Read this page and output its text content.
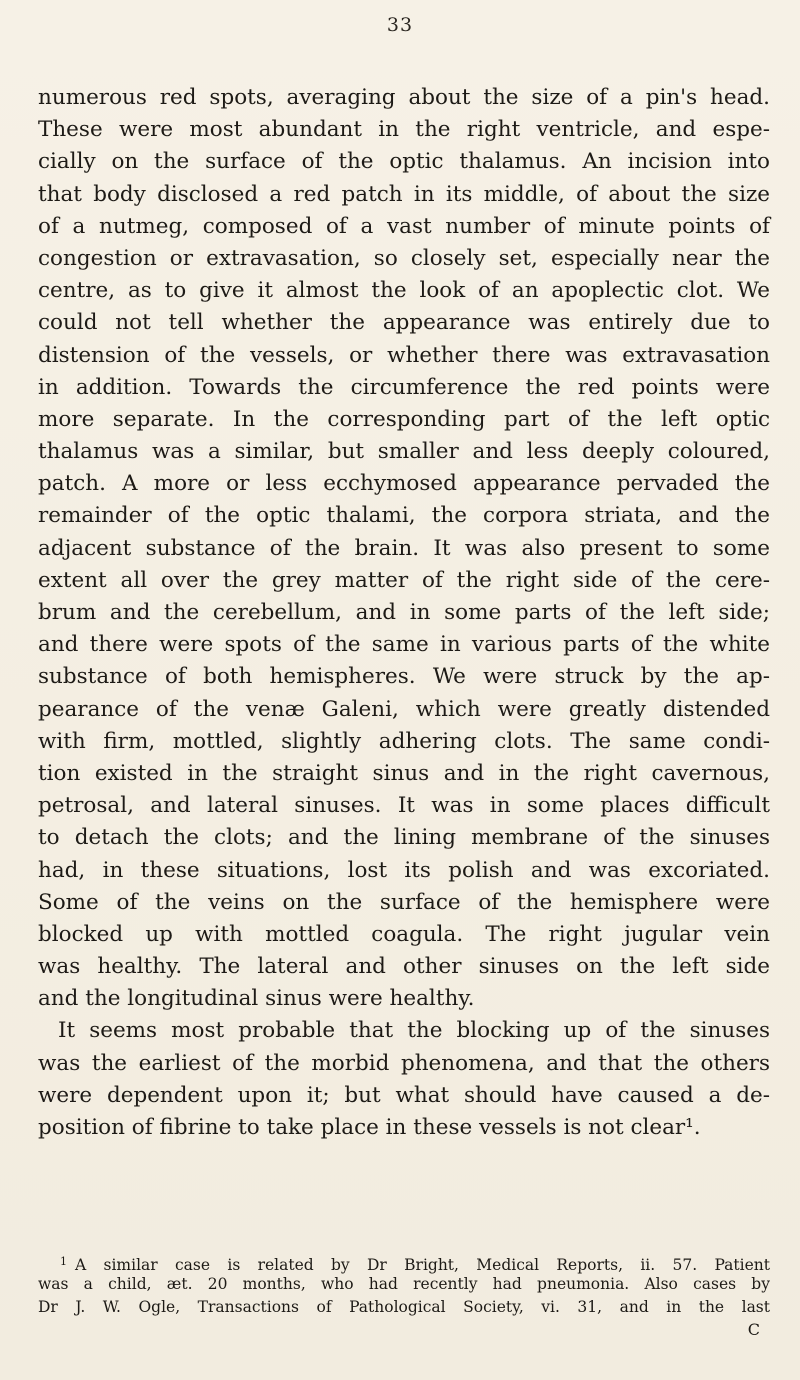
33
numerous red spots, averaging about the size of a pin's head.
These were most abundant in the right ventricle, and espe-
cially on the surface of the optic thalamus. An incision into
that body disclosed a red patch in its middle, of about the size
of a nutmeg, composed of a vast number of minute points of
congestion or extravasation, so closely set, especially near the
centre, as to give it almost the look of an apoplectic clot. We
could not tell whether the appearance was entirely due to
distension of the vessels, or whether there was extravasation
in addition. Towards the circumference the red points were
more separate. In the corresponding part of the left optic
thalamus was a similar, but smaller and less deeply coloured,
patch. A more or less ecchymosed appearance pervaded the
remainder of the optic thalami, the corpora striata, and the
adjacent substance of the brain. It was also present to some
extent all over the grey matter of the right side of the cere-
brum and the cerebellum, and in some parts of the left side;
and there were spots of the same in various parts of the white
substance of both hemispheres. We were struck by the ap-
pearance of the venæ Galeni, which were greatly distended
with firm, mottled, slightly adhering clots. The same condi-
tion existed in the straight sinus and in the right cavernous,
petrosal, and lateral sinuses. It was in some places difficult
to detach the clots; and the lining membrane of the sinuses
had, in these situations, lost its polish and was excoriated.
Some of the veins on the surface of the hemisphere were
blocked up with mottled coagula. The right jugular vein
was healthy. The lateral and other sinuses on the left side
and the longitudinal sinus were healthy.
It seems most probable that the blocking up of the sinuses
was the earliest of the morbid phenomena, and that the others
were dependent upon it; but what should have caused a de-
position of fibrine to take place in these vessels is not clear¹.
$^1$ A similar case is related by Dr Bright, Medical Reports, ii. 57. Patient
was a child, æt. 20 months, who had recently had pneumonia. Also cases by
Dr J. W. Ogle, Transactions of Pathological Society, vi. 31, and in the last
C
